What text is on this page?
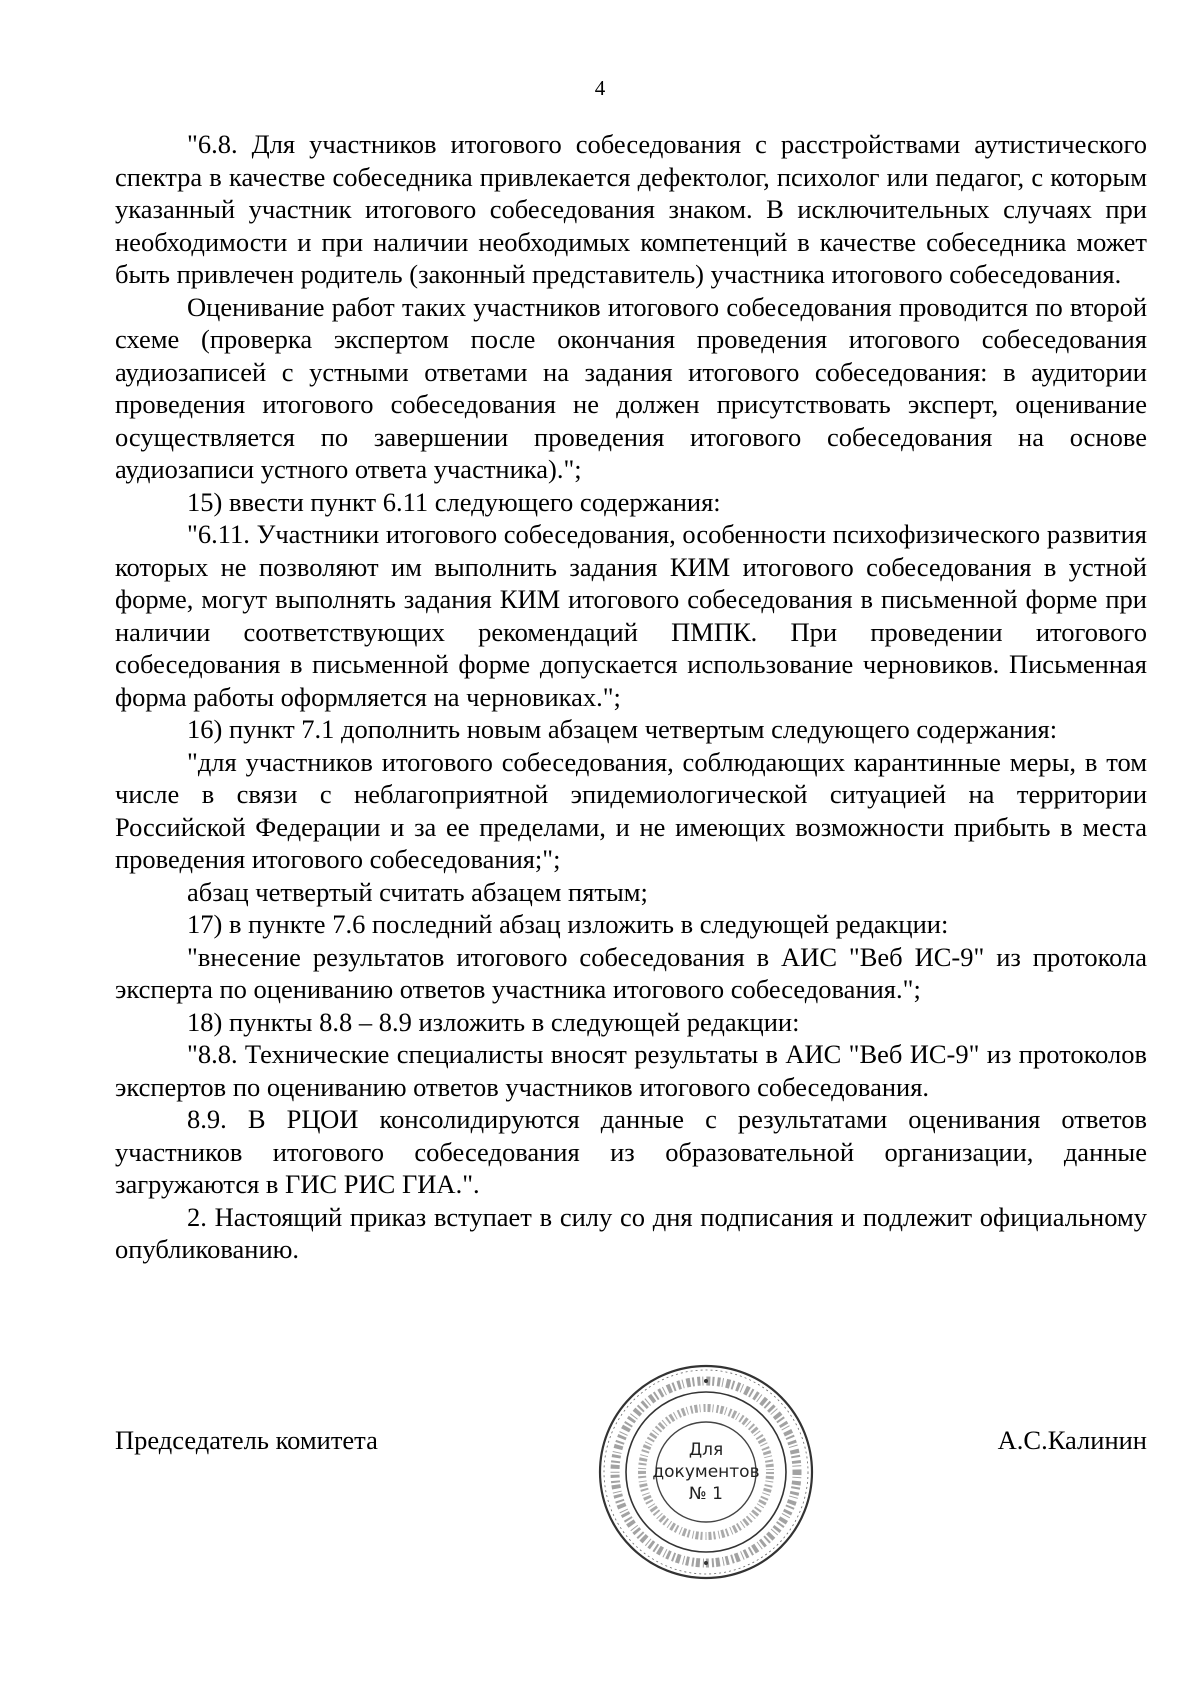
4

"6.8. Для участников итогового собеседования с расстройствами аутистического спектра в качестве собеседника привлекается дефектолог, психолог или педагог, с которым указанный участник итогового собеседования знаком. В исключительных случаях при необходимости и при наличии необходимых компетенций в качестве собеседника может быть привлечен родитель (законный представитель) участника итогового собеседования.

Оценивание работ таких участников итогового собеседования проводится по второй схеме (проверка экспертом после окончания проведения итогового собеседования аудиозаписей с устными ответами на задания итогового собеседования: в аудитории проведения итогового собеседования не должен присутствовать эксперт, оценивание осуществляется по завершении проведения итогового собеседования на основе аудиозаписи устного ответа участника).";

15) ввести пункт 6.11 следующего содержания:

"6.11. Участники итогового собеседования, особенности психофизического развития которых не позволяют им выполнить задания КИМ итогового собеседования в устной форме, могут выполнять задания КИМ итогового собеседования в письменной форме при наличии соответствующих рекомендаций ПМПК. При проведении итогового собеседования в письменной форме допускается использование черновиков. Письменная форма работы оформляется на черновиках.";

16) пункт 7.1 дополнить новым абзацем четвертым следующего содержания:

"для участников итогового собеседования, соблюдающих карантинные меры, в том числе в связи с неблагоприятной эпидемиологической ситуацией на территории Российской Федерации и за ее пределами, и не имеющих возможности прибыть в места проведения итогового собеседования;";

абзац четвертый считать абзацем пятым;

17) в пункте 7.6 последний абзац изложить в следующей редакции:

"внесение результатов итогового собеседования в АИС "Веб ИС-9" из протокола эксперта по оцениванию ответов участника итогового собеседования.";

18) пункты 8.8 – 8.9 изложить в следующей редакции:

"8.8. Технические специалисты вносят результаты в АИС "Веб ИС-9" из протоколов экспертов по оцениванию ответов участников итогового собеседования.

8.9. В РЦОИ консолидируются данные с результатами оценивания ответов участников итогового собеседования из образовательной организации, данные загружаются в ГИС РИС ГИА.".

2. Настоящий приказ вступает в силу со дня подписания и подлежит официальному опубликованию.

Председатель комитета	А.С.Калинин
Для
документов
№ 1
